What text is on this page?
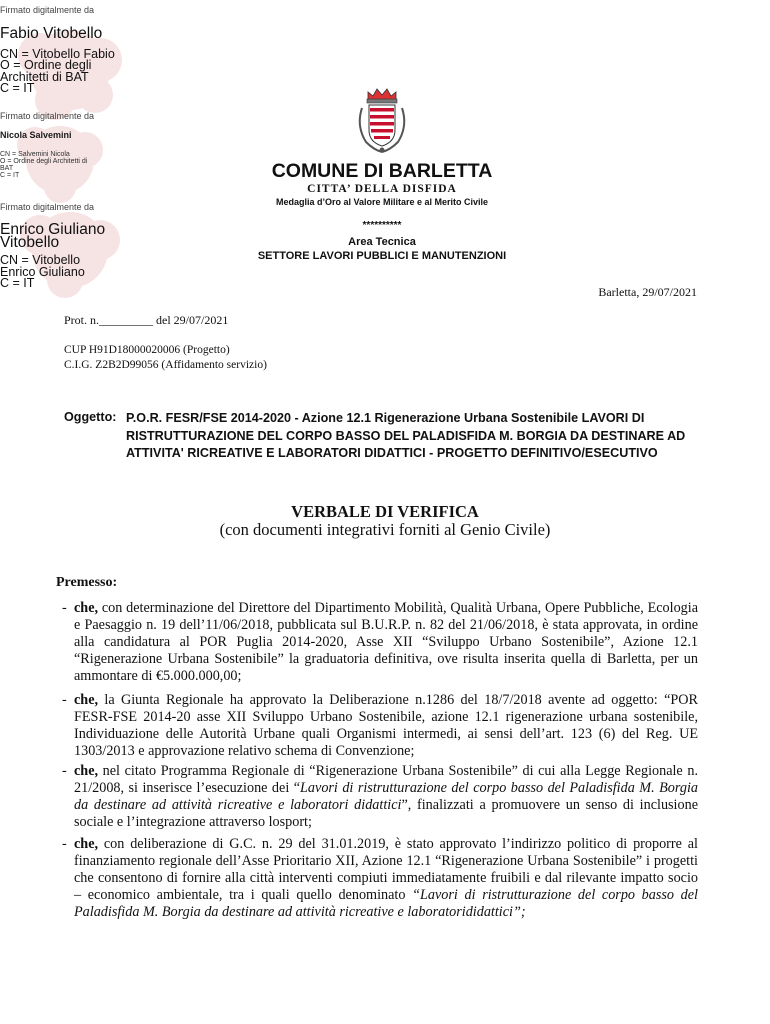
Firmato digitalmente da
Fabio Vitobello
CN = Vitobello Fabio
O = Ordine degli
Architetti di BAT
C = IT
Firmato digitalmente da
Nicola Salvemini
CN = Salvemini Nicola
O = Ordine degli Architetti di
BAT
C = IT
Firmato digitalmente da
Enrico Giuliano
Vitobello
CN = Vitobello
Enrico Giuliano
C = IT
COMUNE DI BARLETTA
CITTA’ DELLA DISFIDA
Medaglia d’Oro al Valore Militare e al Merito Civile
**********
Area Tecnica
SETTORE LAVORI PUBBLICI E MANUTENZIONI
Barletta, 29/07/2021
Prot. n._________ del 29/07/2021
CUP H91D18000020006 (Progetto)
C.I.G. Z2B2D99056 (Affidamento servizio)
Oggetto: P.O.R. FESR/FSE 2014-2020 - Azione 12.1 Rigenerazione Urbana Sostenibile LAVORI DI
RISTRUTTURAZIONE DEL CORPO BASSO DEL PALADISFIDA M. BORGIA DA DESTINARE AD
ATTIVITA' RICREATIVE E LABORATORI DIDATTICI - PROGETTO DEFINITIVO/ESECUTIVO
VERBALE DI VERIFICA
(con documenti integrativi forniti al Genio Civile)
Premesso:
- che, con determinazione del Direttore del Dipartimento Mobilità, Qualità Urbana, Opere Pubbliche, Ecologia e Paesaggio n. 19 dell’11/06/2018, pubblicata sul B.U.R.P. n. 82 del 21/06/2018, è stata approvata, in ordine alla candidatura al POR Puglia 2014-2020, Asse XII “Sviluppo Urbano Sostenibile”, Azione 12.1 “Rigenerazione Urbana Sostenibile” la graduatoria definitiva, ove risulta inserita quella di Barletta, per un ammontare di €5.000.000,00;
- che, la Giunta Regionale ha approvato la Deliberazione n.1286 del 18/7/2018 avente ad oggetto: “POR FESR-FSE 2014-20 asse XII Sviluppo Urbano Sostenibile, azione 12.1 rigenerazione urbana sostenibile, Individuazione delle Autorità Urbane quali Organismi intermedi, ai sensi dell’art. 123 (6) del Reg. UE 1303/2013 e approvazione relativo schema di Convenzione;
- che, nel citato Programma Regionale di “Rigenerazione Urbana Sostenibile” di cui alla Legge Regionale n. 21/2008, si inserisce l’esecuzione dei “Lavori di ristrutturazione del corpo basso del Paladisfida M. Borgia da destinare ad attività ricreative e laboratori didattici”, finalizzati a promuovere un senso di inclusione sociale e l’integrazione attraverso losport;
- che, con deliberazione di G.C. n. 29 del 31.01.2019, è stato approvato l’indirizzo politico di proporre al finanziamento regionale dell’Asse Prioritario XII, Azione 12.1 “Rigenerazione Urbana Sostenibile” i progetti che consentono di fornire alla città interventi compiuti immediatamente fruibili e dal rilevante impatto socio – economico ambientale, tra i quali quello denominato “Lavori di ristrutturazione del corpo basso del Paladisfida M. Borgia da destinare ad attività ricreative e laboratorididattici”;
